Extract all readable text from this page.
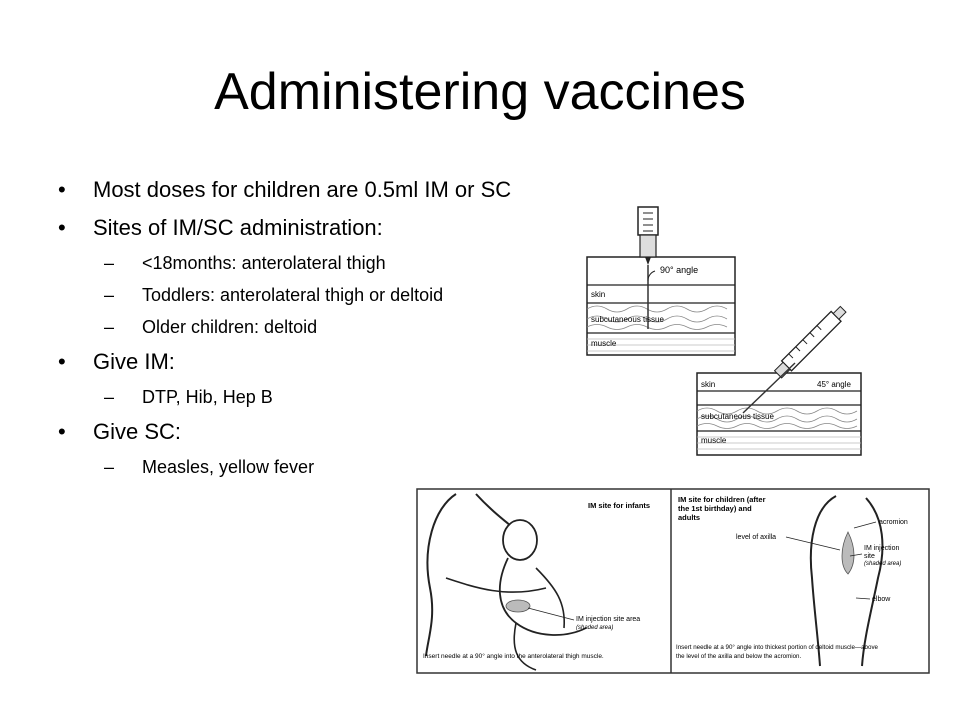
Administering vaccines
• Most doses for children are 0.5ml IM or SC
• Sites of IM/SC administration:
– <18months: anterolateral thigh
– Toddlers: anterolateral thigh or deltoid
– Older children: deltoid
• Give IM:
– DTP, Hib, Hep B
• Give SC:
– Measles, yellow fever
90° angle
skin
subcutaneous tissue
muscle
45° angle
skin
subcutaneous tissue
muscle
IM site for infants
IM injection site area
(shaded area)
Insert needle at a 90° angle into the anterolateral thigh muscle.
IM site for children (after
the 1st birthday) and
adults
acromion
level of axilla
IM injection
site
(shaded area)
elbow
Insert needle at a 90° angle into thickest portion of deltoid muscle—above
the level of the axilla and below the acromion.
